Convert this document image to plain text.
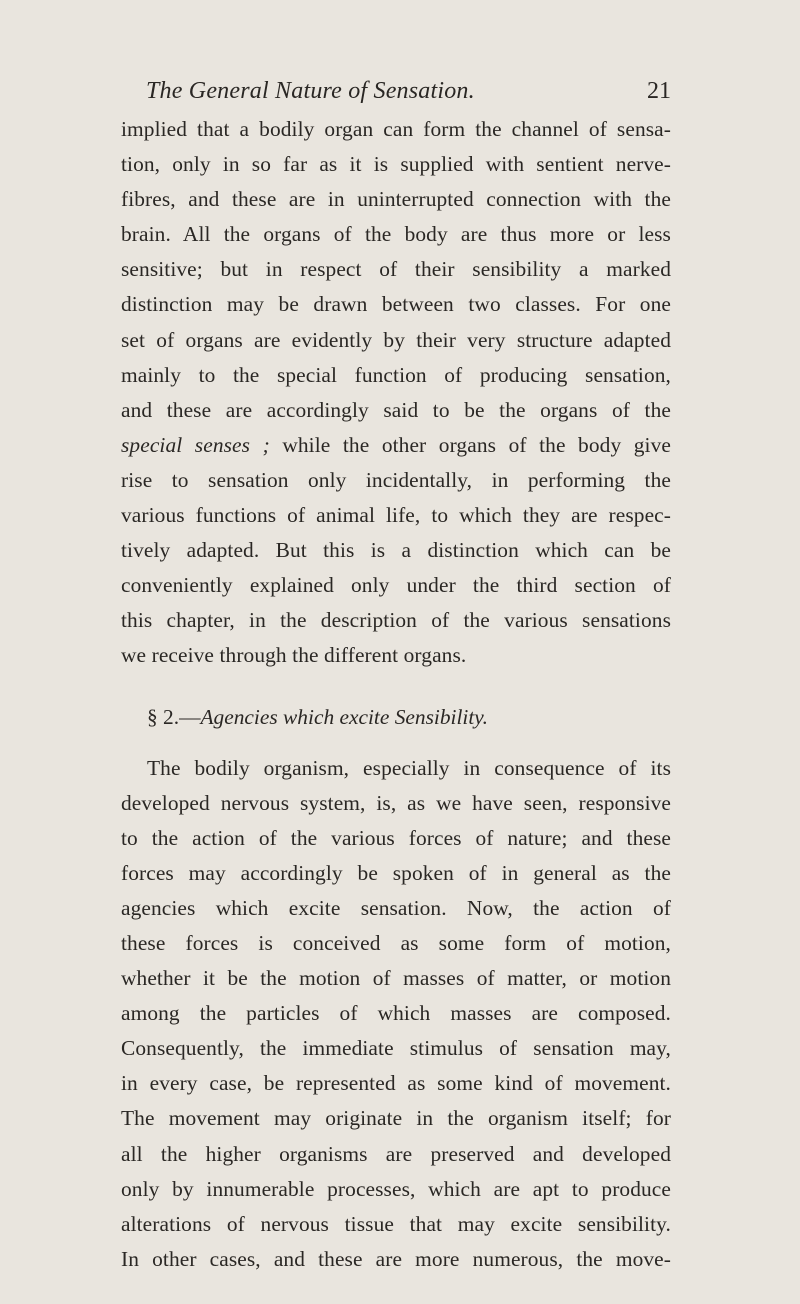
The General Nature of Sensation.	21
implied that a bodily organ can form the channel of sensa-
tion, only in so far as it is supplied with sentient nerve-
fibres, and these are in uninterrupted connection with the
brain. All the organs of the body are thus more or less
sensitive; but in respect of their sensibility a marked
distinction may be drawn between two classes. For one
set of organs are evidently by their very structure adapted
mainly to the special function of producing sensation,
and these are accordingly said to be the organs of the
special senses ; while the other organs of the body give
rise to sensation only incidentally, in performing the
various functions of animal life, to which they are respec-
tively adapted. But this is a distinction which can be
conveniently explained only under the third section of
this chapter, in the description of the various sensations
we receive through the different organs.
§ 2.—Agencies which excite Sensibility.
The bodily organism, especially in consequence of its
developed nervous system, is, as we have seen, responsive
to the action of the various forces of nature; and these
forces may accordingly be spoken of in general as the
agencies which excite sensation. Now, the action of
these forces is conceived as some form of motion,
whether it be the motion of masses of matter, or motion
among the particles of which masses are composed.
Consequently, the immediate stimulus of sensation may,
in every case, be represented as some kind of movement.
The movement may originate in the organism itself; for
all the higher organisms are preserved and developed
only by innumerable processes, which are apt to produce
alterations of nervous tissue that may excite sensibility.
In other cases, and these are more numerous, the move-
